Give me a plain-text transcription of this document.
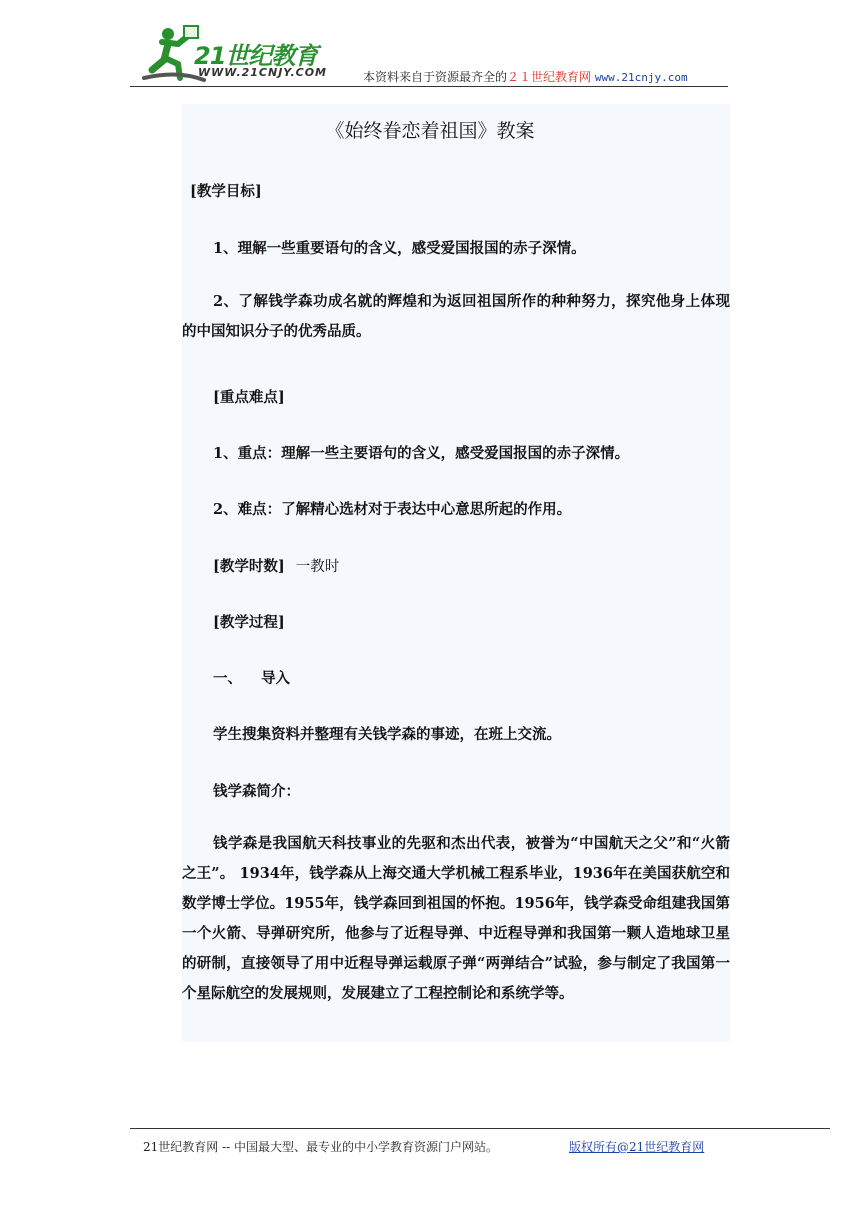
21世纪教育
WWW.21CNJY.COM	本资料来自于资源最齐全的２１世纪教育网 www.21cnjy.com
《始终眷恋着祖国》教案
[教学目标]
1、理解一些重要语句的含义，感受爱国报国的赤子深情。
2、了解钱学森功成名就的辉煌和为返回祖国所作的种种努力，探究他身上体现的中国知识分子的优秀品质。
[重点难点]
1、重点：理解一些主要语句的含义，感受爱国报国的赤子深情。
2、难点：了解精心选材对于表达中心意思所起的作用。
[教学时数] 一教时
[教学过程]
一、 导入
学生搜集资料并整理有关钱学森的事迹，在班上交流。
钱学森简介：
钱学森是我国航天科技事业的先驱和杰出代表，被誉为“中国航天之父”和“火箭之王”。 1934年，钱学森从上海交通大学机械工程系毕业，1936年在美国获航空和数学博士学位。1955年，钱学森回到祖国的怀抱。1956年，钱学森受命组建我国第一个火箭、导弹研究所，他参与了近程导弹、中近程导弹和我国第一颗人造地球卫星的研制，直接领导了用中近程导弹运载原子弹“两弹结合”试验，参与制定了我国第一个星际航空的发展规则，发展建立了工程控制论和系统学等。
21世纪教育网 -- 中国最大型、最专业的中小学教育资源门户网站。	版权所有@21世纪教育网
